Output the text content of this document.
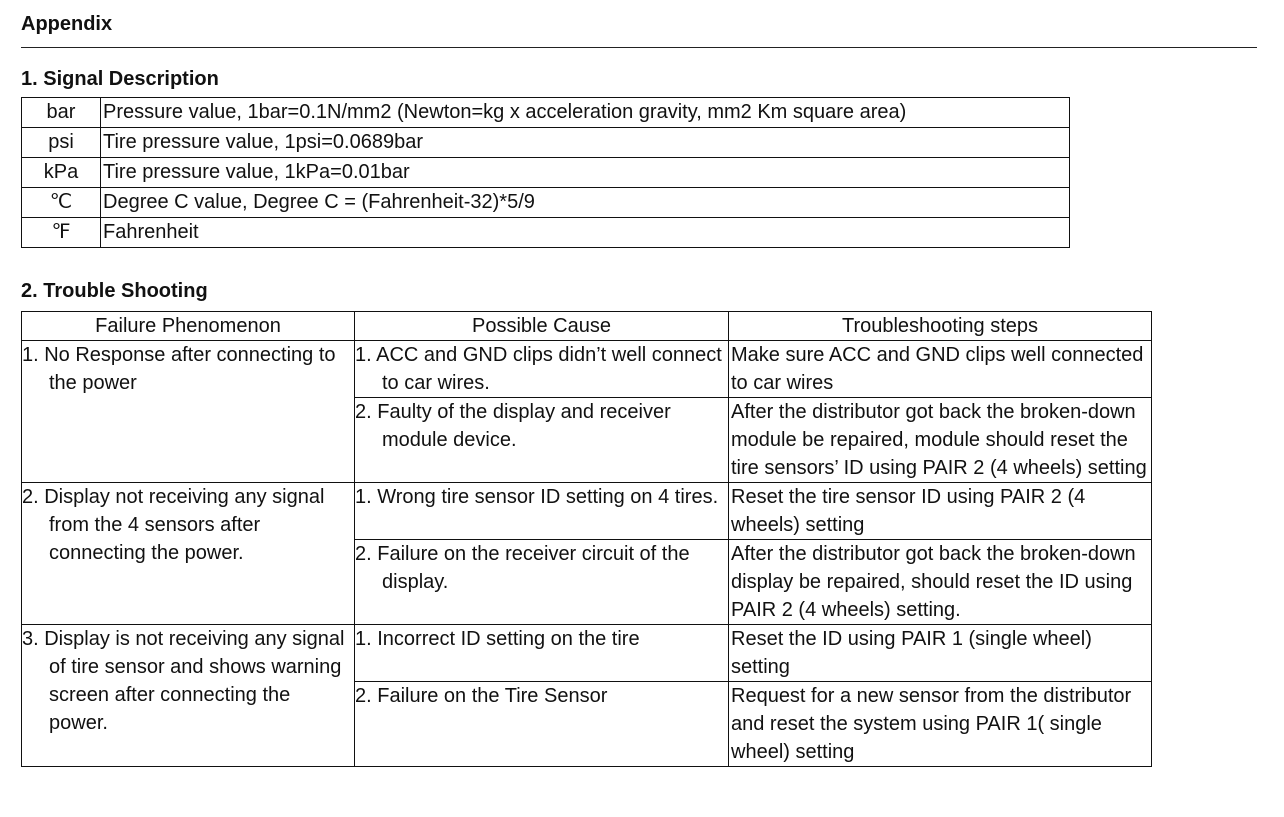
Appendix
1. Signal Description
bar	Pressure value, 1bar=0.1N/mm2 (Newton=kg x acceleration gravity, mm2 Km square area)
psi	Tire pressure value, 1psi=0.0689bar
kPa	Tire pressure value, 1kPa=0.01bar
℃	Degree C value, Degree C = (Fahrenheit-32)*5/9
℉	Fahrenheit
2. Trouble Shooting
Failure Phenomenon	Possible Cause	Troubleshooting steps
1. No Response after connecting to the power	1. ACC and GND clips didn’t well connect to car wires.	Make sure ACC and GND clips well connected to car wires
	2. Faulty of the display and receiver module device.	After the distributor got back the broken-down module be repaired, module should reset the tire sensors’ ID using PAIR 2 (4 wheels) setting
2. Display not receiving any signal from the 4 sensors after connecting the power.	1. Wrong tire sensor ID setting on 4 tires.	Reset the tire sensor ID using PAIR 2 (4 wheels) setting
	2. Failure on the receiver circuit of the display.	After the distributor got back the broken-down display be repaired, should reset the ID using PAIR 2 (4 wheels) setting.
3. Display is not receiving any signal of tire sensor and shows warning screen after connecting the power.	1. Incorrect ID setting on the tire	Reset the ID using PAIR 1 (single wheel) setting
	2. Failure on the Tire Sensor	Request for a new sensor from the distributor and reset the system using PAIR 1( single wheel) setting
